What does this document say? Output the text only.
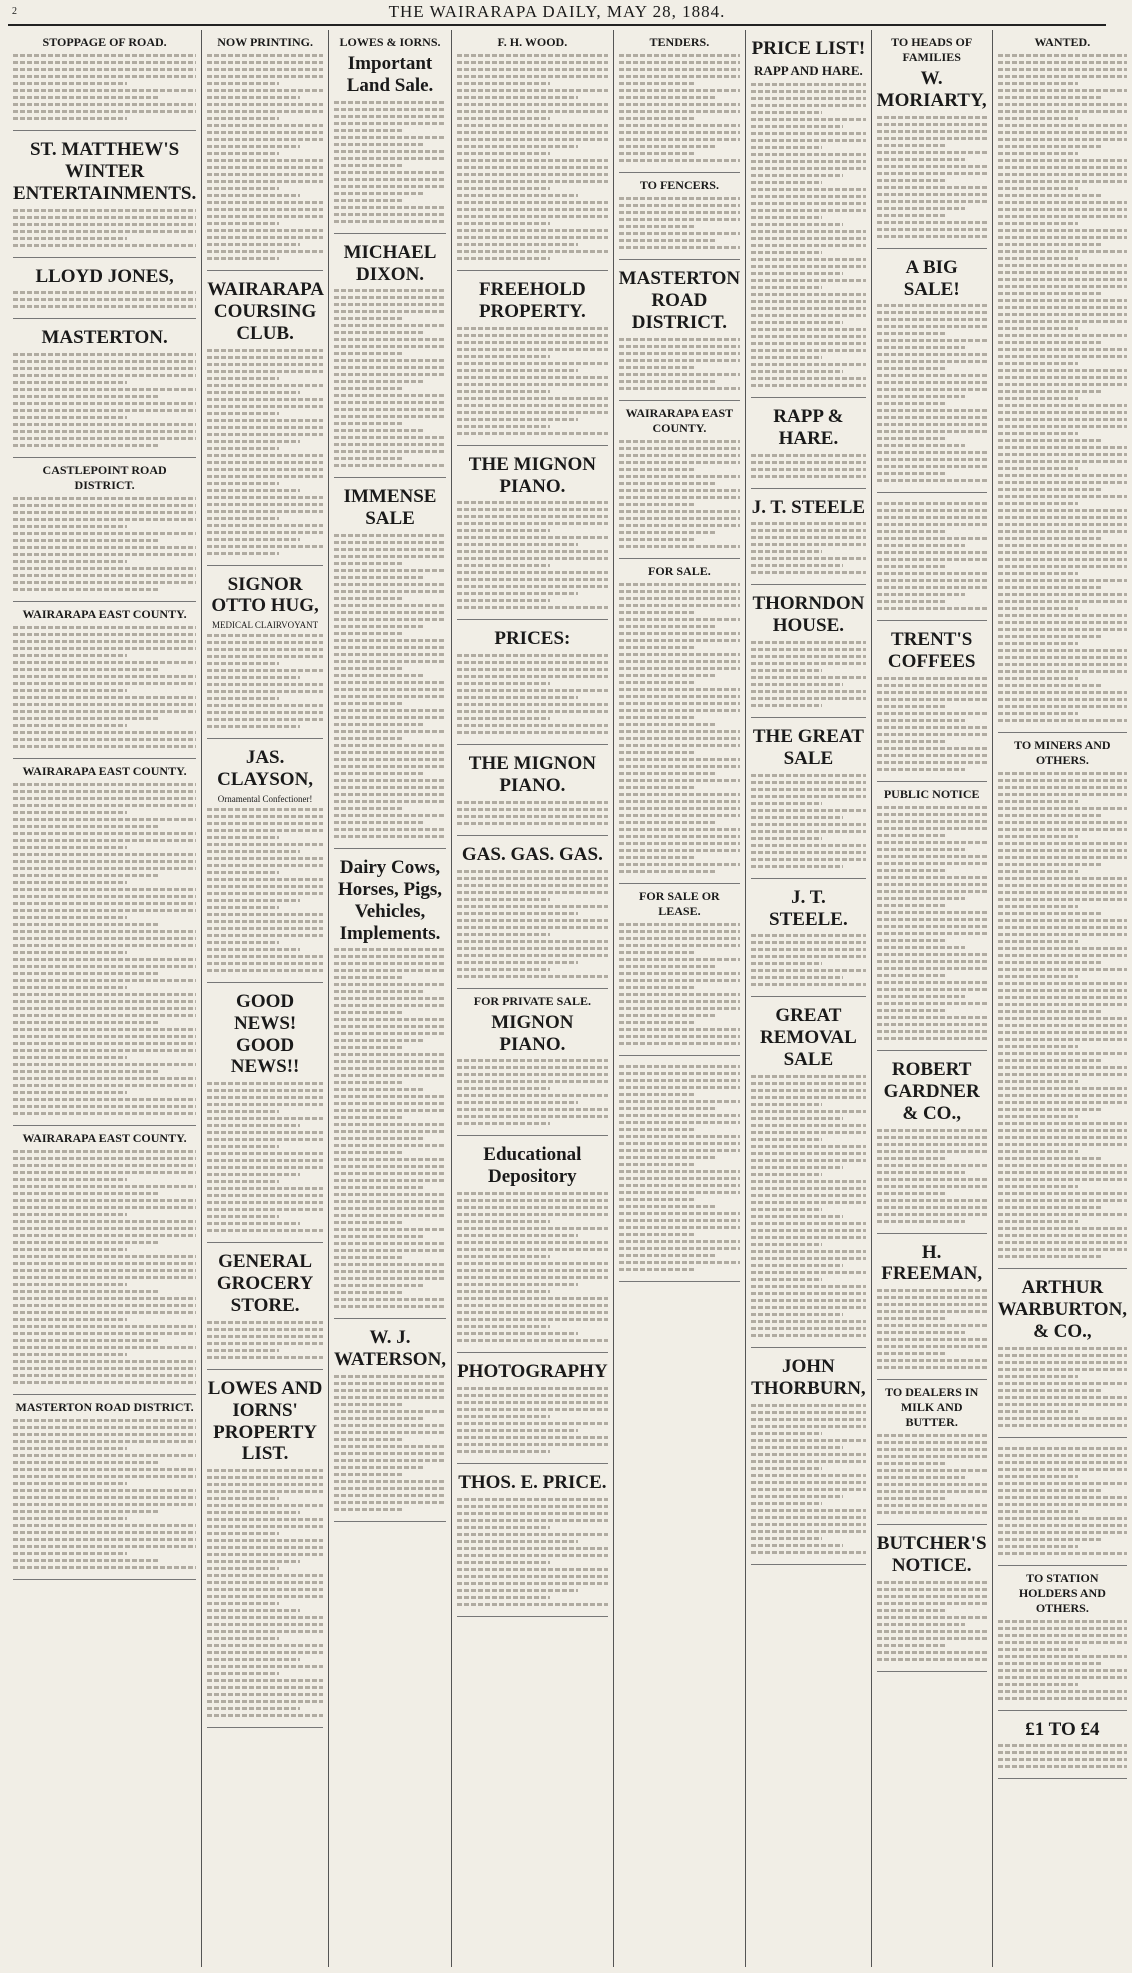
2	THE WAIRARAPA DAILY, MAY 28, 1884.
STOPPAGE OF ROAD.
ST. MATTHEW'S WINTER ENTERTAINMENTS.
LLOYD JONES,
MASTERTON.
CASTLEPOINT ROAD DISTRICT.
WAIRARAPA EAST COUNTY.
WAIRARAPA EAST COUNTY.
WAIRARAPA EAST COUNTY.
MASTERTON ROAD DISTRICT.
NOW PRINTING.
WAIRARAPA COURSING CLUB.
SIGNOR OTTO HUG,
MEDICAL CLAIRVOYANT
JAS. CLAYSON,
Ornamental Confectioner!
GOOD NEWS! GOOD NEWS!!
GENERAL GROCERY STORE.
LOWES AND IORNS' PROPERTY LIST.
LOWES & IORNS.
Important Land Sale.
MICHAEL DIXON.
IMMENSE SALE
Dairy Cows, Horses, Pigs, Vehicles, Implements.
W. J. WATERSON,
F. H. WOOD.
FREEHOLD PROPERTY.
THE MIGNON PIANO.
PRICES:
THE MIGNON PIANO.
GAS. GAS. GAS.
FOR PRIVATE SALE.
MIGNON PIANO.
Educational Depository
PHOTOGRAPHY
THOS. E. PRICE.
TENDERS.
TO FENCERS.
MASTERTON ROAD DISTRICT.
WAIRARAPA EAST COUNTY.
FOR SALE.
FOR SALE OR LEASE.
PRICE LIST!
RAPP AND HARE.
RAPP & HARE.
J. T. STEELE
THORNDON HOUSE.
THE GREAT SALE
J. T. STEELE.
GREAT REMOVAL SALE
JOHN THORBURN,
TO HEADS OF FAMILIES
W. MORIARTY,
A BIG SALE!
TRENT'S COFFEES
PUBLIC NOTICE
ROBERT GARDNER & CO.,
H. FREEMAN,
TO DEALERS IN MILK AND BUTTER.
BUTCHER'S NOTICE.
WANTED.
TO MINERS AND OTHERS.
ARTHUR WARBURTON, & CO.,
TO STATION HOLDERS AND OTHERS.
£1 TO £4
